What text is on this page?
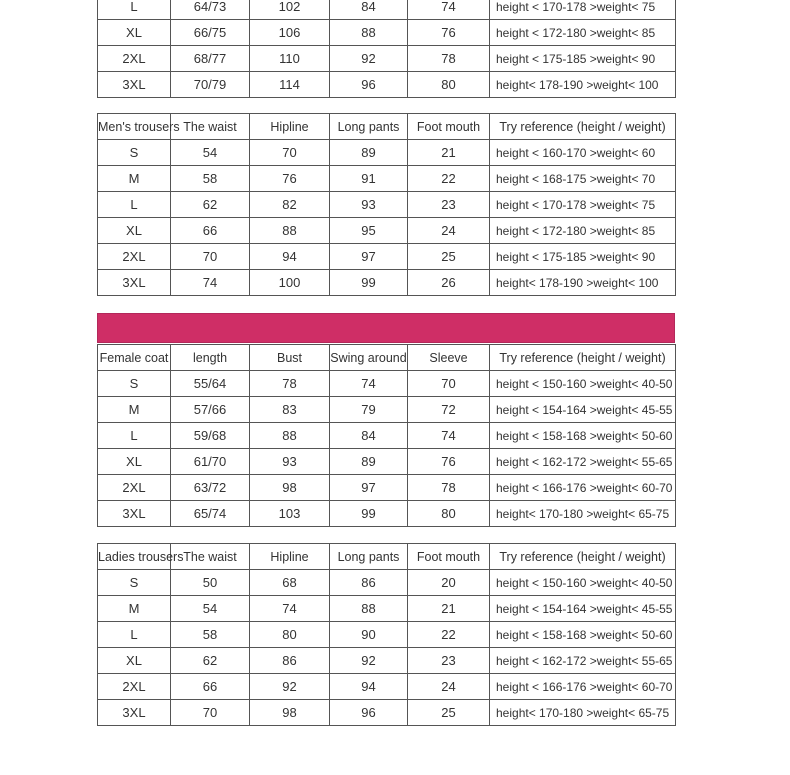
L	64/73	102	84	74	height < 170-178 >weight< 75
XL	66/75	106	88	76	height < 172-180 >weight< 85
2XL	68/77	110	92	78	height < 175-185 >weight< 90
3XL	70/79	114	96	80	height< 178-190 >weight< 100
Men's trousers	The waist	Hipline	Long pants	Foot mouth	Try reference (height / weight)
S	54	70	89	21	height < 160-170 >weight< 60
M	58	76	91	22	height < 168-175 >weight< 70
L	62	82	93	23	height < 170-178 >weight< 75
XL	66	88	95	24	height < 172-180 >weight< 85
2XL	70	94	97	25	height < 175-185 >weight< 90
3XL	74	100	99	26	height< 178-190 >weight< 100
Female coat	length	Bust	Swing around	Sleeve	Try reference (height / weight)
S	55/64	78	74	70	height < 150-160 >weight< 40-50
M	57/66	83	79	72	height < 154-164 >weight< 45-55
L	59/68	88	84	74	height < 158-168 >weight< 50-60
XL	61/70	93	89	76	height < 162-172 >weight< 55-65
2XL	63/72	98	97	78	height < 166-176 >weight< 60-70
3XL	65/74	103	99	80	height< 170-180 >weight< 65-75
Ladies trousers	The waist	Hipline	Long pants	Foot mouth	Try reference (height / weight)
S	50	68	86	20	height < 150-160 >weight< 40-50
M	54	74	88	21	height < 154-164 >weight< 45-55
L	58	80	90	22	height < 158-168 >weight< 50-60
XL	62	86	92	23	height < 162-172 >weight< 55-65
2XL	66	92	94	24	height < 166-176 >weight< 60-70
3XL	70	98	96	25	height< 170-180 >weight< 65-75
